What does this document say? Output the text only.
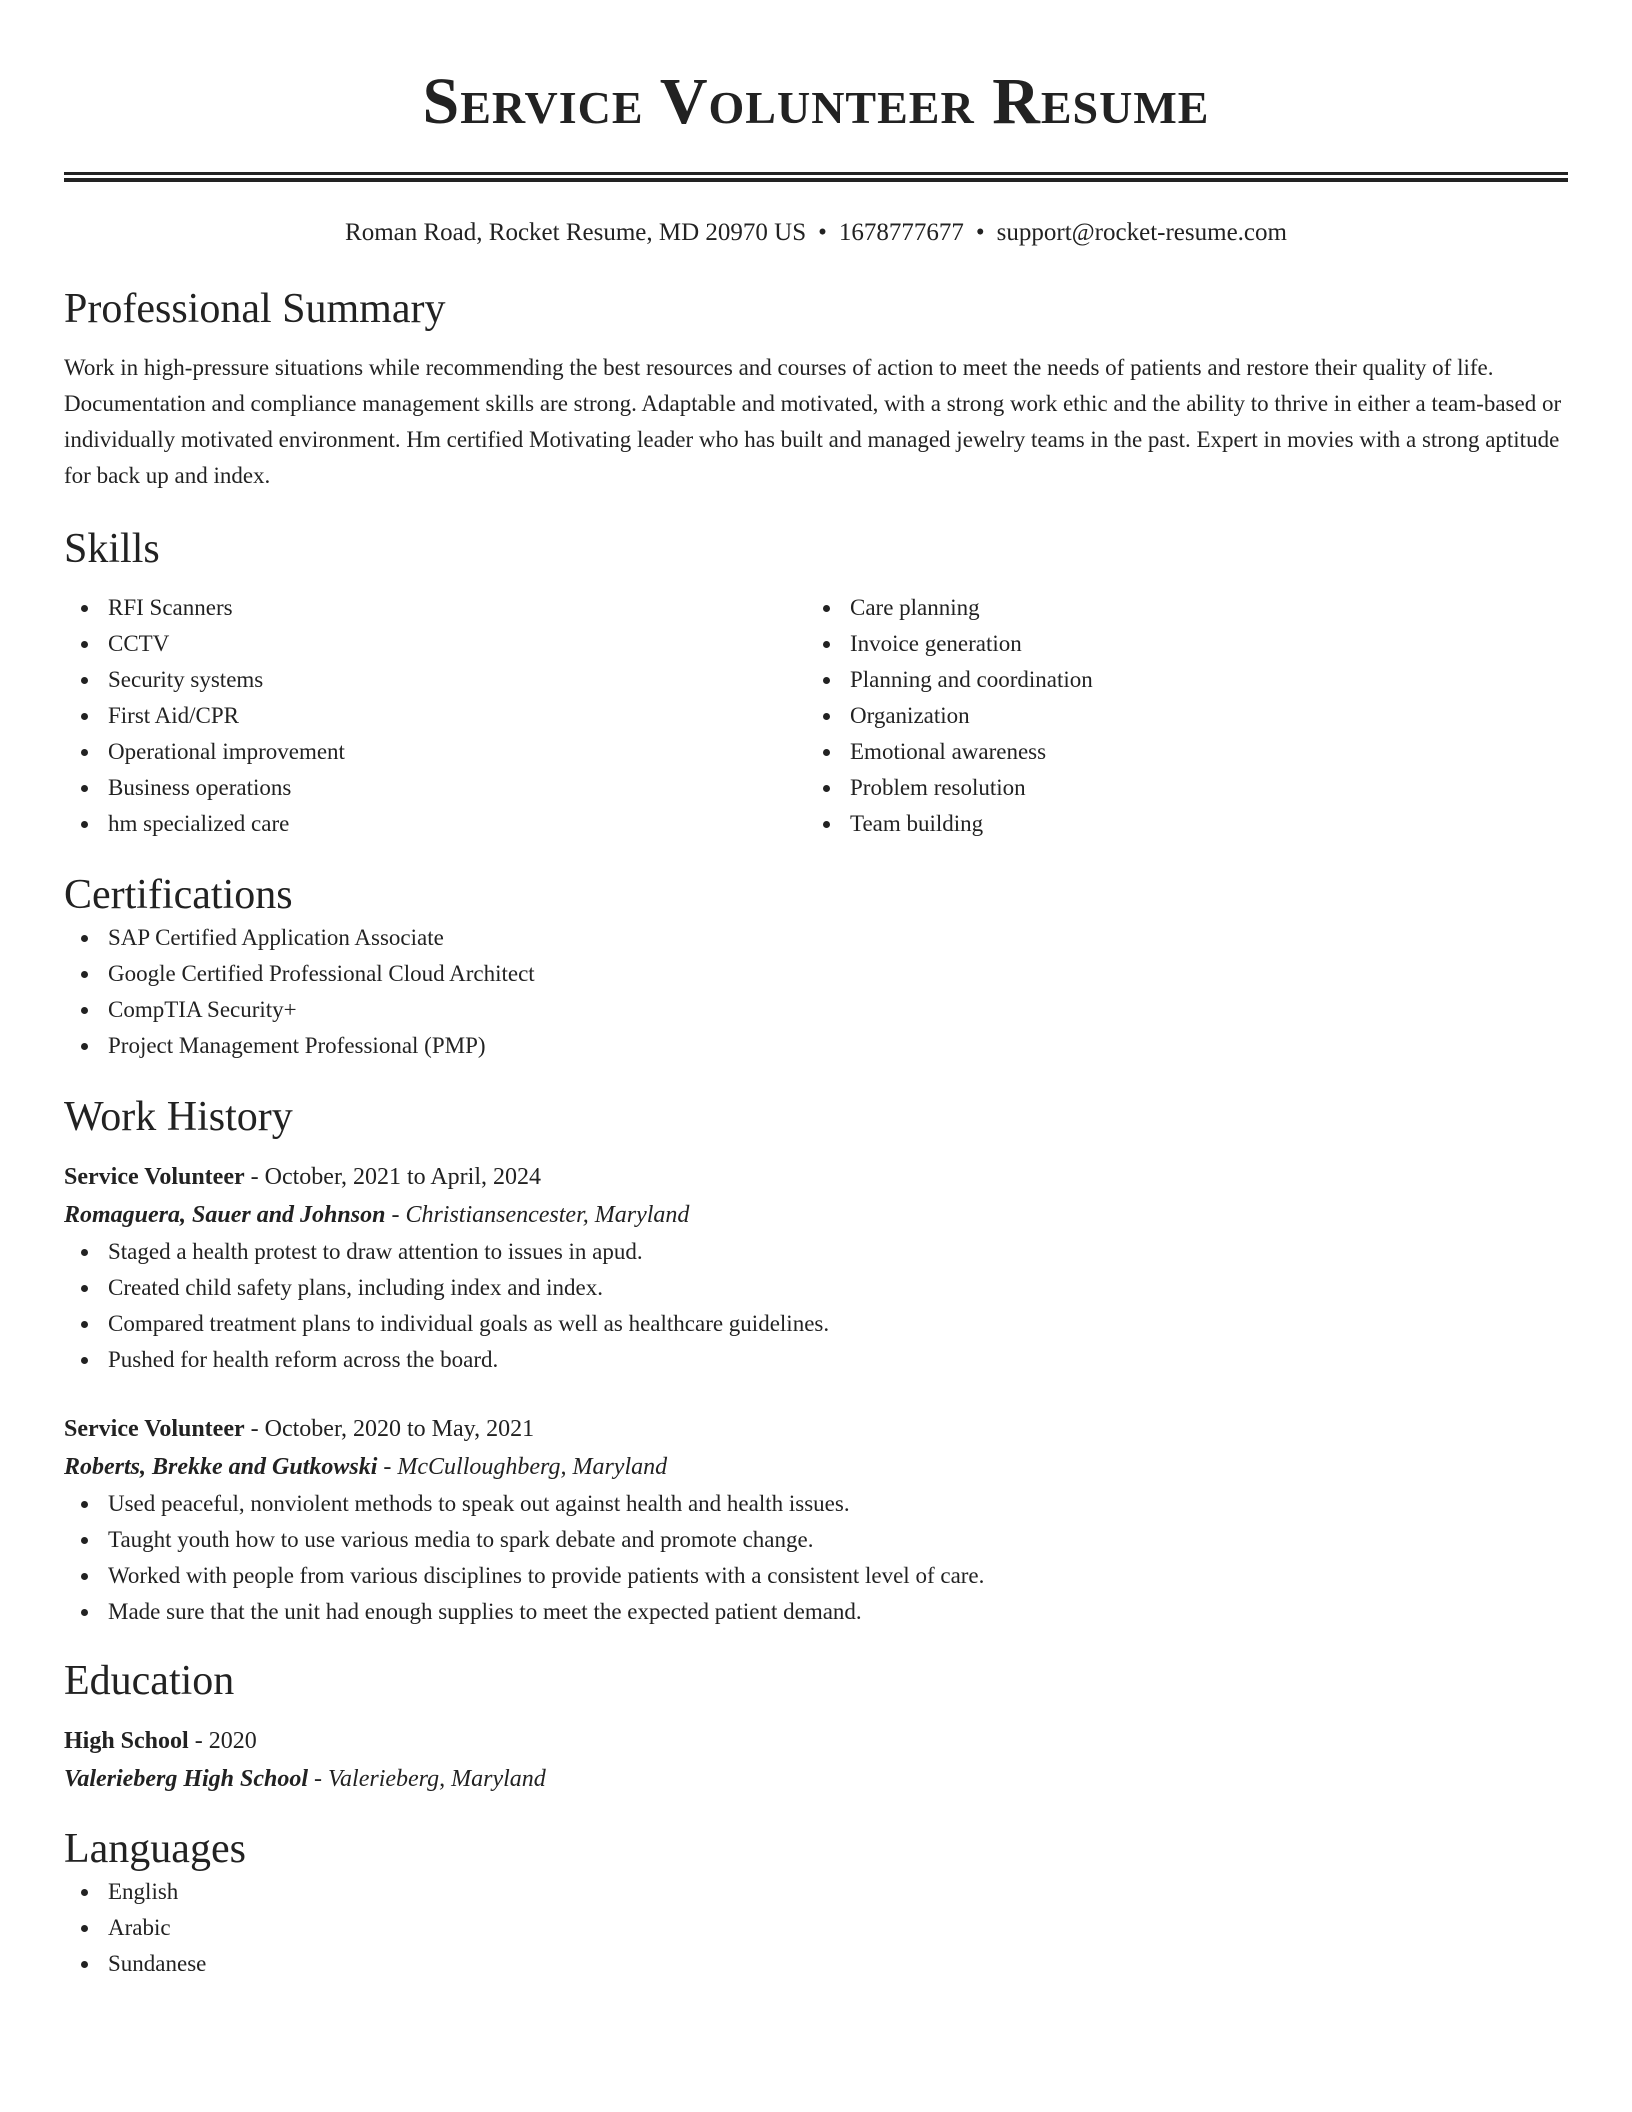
Service Volunteer Resume
Roman Road, Rocket Resume, MD 20970 US • 1678777677 • support@rocket-resume.com
Professional Summary

Work in high-pressure situations while recommending the best resources and courses of action to meet the needs of patients and restore their quality of life. Documentation and compliance management skills are strong. Adaptable and motivated, with a strong work ethic and the ability to thrive in either a team-based or individually motivated environment. Hm certified Motivating leader who has built and managed jewelry teams in the past. Expert in movies with a strong aptitude for back up and index.

Skills
RFI Scanners
CCTV
Security systems
First Aid/CPR
Operational improvement
Business operations
hm specialized care
Care planning
Invoice generation
Planning and coordination
Organization
Emotional awareness
Problem resolution
Team building
Certifications
SAP Certified Application Associate
Google Certified Professional Cloud Architect
CompTIA Security+
Project Management Professional (PMP)
Work History
Service Volunteer - October, 2021 to April, 2024
Romaguera, Sauer and Johnson - Christiansencester, Maryland
Staged a health protest to draw attention to issues in apud.
Created child safety plans, including index and index.
Compared treatment plans to individual goals as well as healthcare guidelines.
Pushed for health reform across the board.
Service Volunteer - October, 2020 to May, 2021
Roberts, Brekke and Gutkowski - McCulloughberg, Maryland
Used peaceful, nonviolent methods to speak out against health and health issues.
Taught youth how to use various media to spark debate and promote change.
Worked with people from various disciplines to provide patients with a consistent level of care.
Made sure that the unit had enough supplies to meet the expected patient demand.
Education
High School - 2020
Valerieberg High School - Valerieberg, Maryland
Languages
English
Arabic
Sundanese
